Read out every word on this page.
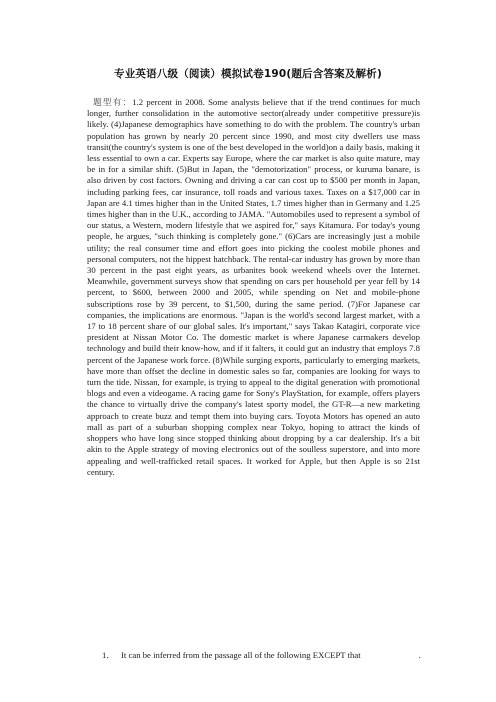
专业英语八级（阅读）模拟试卷190(题后含答案及解析)
题型有：1.2 percent in 2008. Some analysts believe that if the trend continues for much longer, further consolidation in the automotive sector(already under competitive pressure)is likely. (4)Japanese demographics have something to do with the problem. The country's urban population has grown by nearly 20 percent since 1990, and most city dwellers use mass transit(the country's system is one of the best developed in the world)on a daily basis, making it less essential to own a car. Experts say Europe, where the car market is also quite mature, may be in for a similar shift. (5)But in Japan, the "demotorization" process, or kuruma banare, is also driven by cost factors. Owning and driving a car can cost up to $500 per month in Japan, including parking fees, car insurance, toll roads and various taxes. Taxes on a $17,000 car in Japan are 4.1 times higher than in the United States, 1.7 times higher than in Germany and 1.25 times higher than in the U.K., according to JAMA. "Automobiles used to represent a symbol of our status, a Western, modern lifestyle that we aspired for," says Kitamura. For today's young people, he argues, "such thinking is completely gone." (6)Cars are increasingly just a mobile utility; the real consumer time and effort goes into picking the coolest mobile phones and personal computers, not the hippest hatchback. The rental-car industry has grown by more than 30 percent in the past eight years, as urbanites book weekend wheels over the Internet. Meanwhile, government surveys show that spending on cars per household per year fell by 14 percent, to $600, between 2000 and 2005, while spending on Net and mobile-phone subscriptions rose by 39 percent, to $1,500, during the same period. (7)For Japanese car companies, the implications are enormous. "Japan is the world's second largest market, with a 17 to 18 percent share of our global sales. It's important," says Takao Katagiri, corporate vice president at Nissan Motor Co. The domestic market is where Japanese carmakers develop technology and build their know-how, and if it falters, it could gut an industry that employs 7.8 percent of the Japanese work force. (8)While surging exports, particularly to emerging markets, have more than offset the decline in domestic sales so far, companies are looking for ways to turn the tide. Nissan, for example, is trying to appeal to the digital generation with promotional blogs and even a videogame. A racing game for Sony's PlayStation, for example, offers players the chance to virtually drive the company's latest sporty model, the GT-R—a new marketing approach to create buzz and tempt them into buying cars. Toyota Motors has opened an auto mall as part of a suburban shopping complex near Tokyo, hoping to attract the kinds of shoppers who have long since stopped thinking about dropping by a car dealership. It's a bit akin to the Apple strategy of moving electronics out of the soulless superstore, and into more appealing and well-trafficked retail spaces. It worked for Apple, but then Apple is so 21st century.
1． It can be inferred from the passage all of the following EXCEPT that	.
